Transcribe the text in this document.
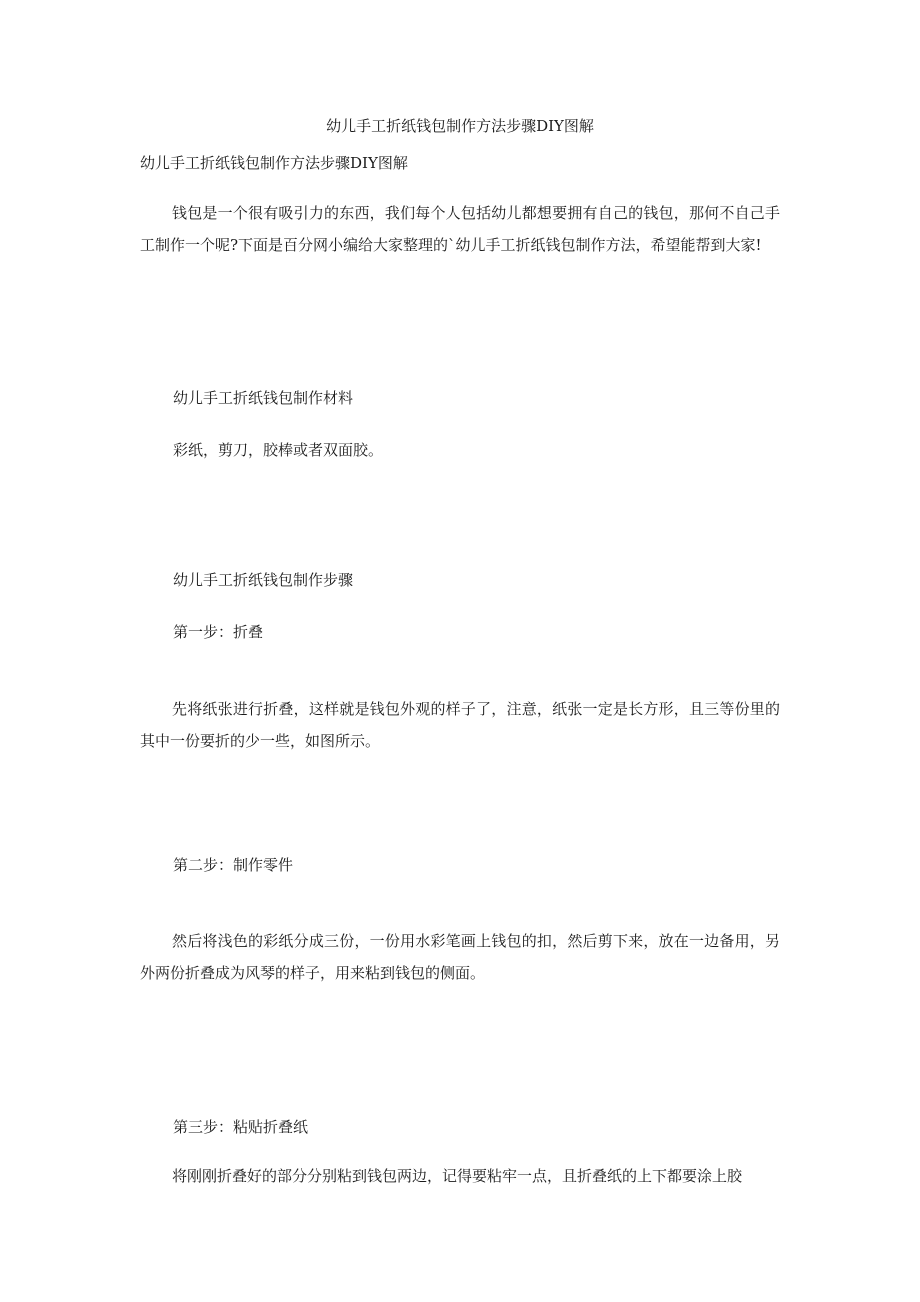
幼儿手工折纸钱包制作方法步骤DIY图解
幼儿手工折纸钱包制作方法步骤DIY图解
钱包是一个很有吸引力的东西，我们每个人包括幼儿都想要拥有自己的钱包，那何不自己手工制作一个呢?下面是百分网小编给大家整理的`幼儿手工折纸钱包制作方法，希望能帮到大家!
幼儿手工折纸钱包制作材料
彩纸，剪刀，胶棒或者双面胶。
幼儿手工折纸钱包制作步骤
第一步：折叠
先将纸张进行折叠，这样就是钱包外观的样子了，注意，纸张一定是长方形，且三等份里的其中一份要折的少一些，如图所示。
第二步：制作零件
然后将浅色的彩纸分成三份，一份用水彩笔画上钱包的扣，然后剪下来，放在一边备用，另外两份折叠成为风琴的样子，用来粘到钱包的侧面。
第三步：粘贴折叠纸
将刚刚折叠好的部分分别粘到钱包两边，记得要粘牢一点，且折叠纸的上下都要涂上胶
